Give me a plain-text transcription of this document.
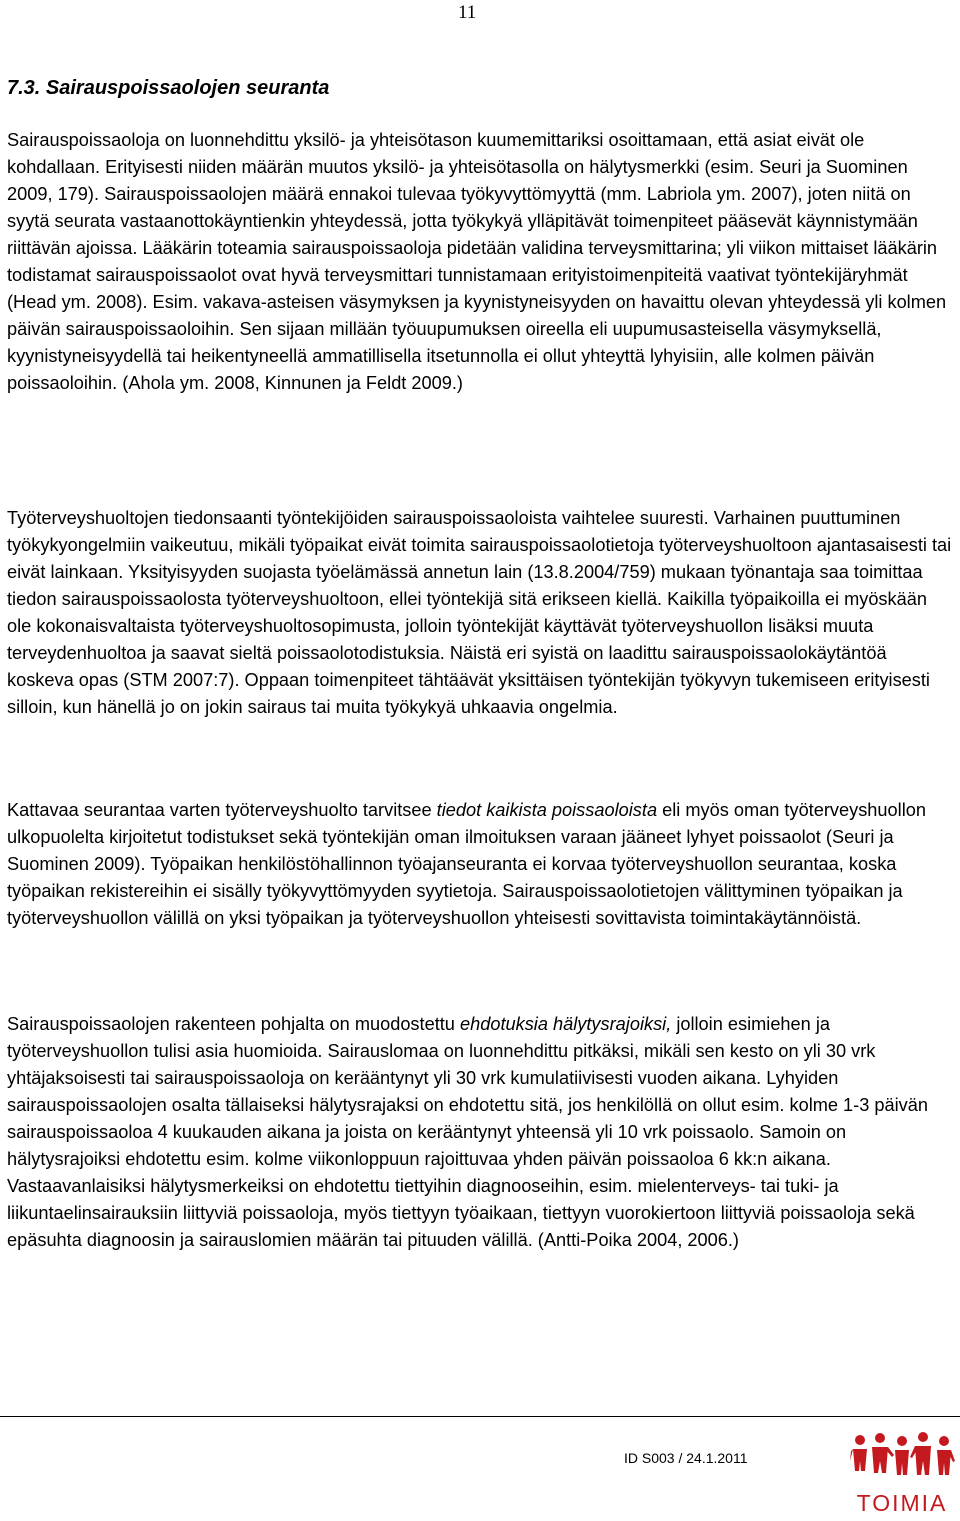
11
7.3. Sairauspoissaolojen seuranta

Sairauspoissaoloja on luonnehdittu yksilö- ja yhteisötason kuumemittariksi osoittamaan, että asiat eivät ole kohdallaan. Erityisesti niiden määrän muutos yksilö- ja yhteisötasolla on hälytysmerkki (esim. Seuri ja Suominen 2009, 179). Sairauspoissaolojen määrä ennakoi tulevaa työkyvyttömyyttä (mm. Labriola ym. 2007), joten niitä on syytä seurata vastaanottokäyntienkin yhteydessä, jotta työkykyä ylläpitävät toimenpiteet pääsevät käynnistymään riittävän ajoissa. Lääkärin toteamia sairauspoissaoloja pidetään validina terveysmittarina; yli viikon mittaiset lääkärin todistamat sairauspoissaolot ovat hyvä terveysmittari tunnistamaan erityistoimenpiteitä vaativat työntekijäryhmät (Head ym. 2008). Esim. vakava-asteisen väsymyksen ja kyynistyneisyyden on havaittu olevan yhteydessä yli kolmen päivän sairauspoissaoloihin. Sen sijaan millään työuupumuksen oireella eli uupumusasteisella väsymyksellä, kyynistyneisyydellä tai heikentyneellä ammatillisella itsetunnolla ei ollut yhteyttä lyhyisiin, alle kolmen päivän poissaoloihin. (Ahola ym. 2008, Kinnunen ja Feldt 2009.)

Työterveyshuoltojen tiedonsaanti työntekijöiden sairauspoissaoloista vaihtelee suuresti. Varhainen puuttuminen työkykyongelmiin vaikeutuu, mikäli työpaikat eivät toimita sairauspoissaolotietoja työterveyshuoltoon ajantasaisesti tai eivät lainkaan. Yksityisyyden suojasta työelämässä annetun lain (13.8.2004/759) mukaan työnantaja saa toimittaa tiedon sairauspoissaolosta työterveyshuoltoon, ellei työntekijä sitä erikseen kiellä. Kaikilla työpaikoilla ei myöskään ole kokonaisvaltaista työterveyshuoltosopimusta, jolloin työntekijät käyttävät työterveyshuollon lisäksi muuta terveydenhuoltoa ja saavat sieltä poissaolotodistuksia. Näistä eri syistä on laadittu sairauspoissaolokäytäntöä koskeva opas (STM 2007:7). Oppaan toimenpiteet tähtäävät yksittäisen työntekijän työkyvyn tukemiseen erityisesti silloin, kun hänellä jo on jokin sairaus tai muita työkykyä uhkaavia ongelmia.

Kattavaa seurantaa varten työterveyshuolto tarvitsee tiedot kaikista poissaoloista eli myös oman työterveyshuollon ulkopuolelta kirjoitetut todistukset sekä työntekijän oman ilmoituksen varaan jääneet lyhyet poissaolot (Seuri ja Suominen 2009). Työpaikan henkilöstöhallinnon työajanseuranta ei korvaa työterveyshuollon seurantaa, koska työpaikan rekistereihin ei sisälly työkyvyttömyyden syytietoja. Sairauspoissaolotietojen välittyminen työpaikan ja työterveyshuollon välillä on yksi työpaikan ja työterveyshuollon yhteisesti sovittavista toimintakäytännöistä.

Sairauspoissaolojen rakenteen pohjalta on muodostettu ehdotuksia hälytysrajoiksi, jolloin esimiehen ja työterveyshuollon tulisi asia huomioida. Sairauslomaa on luonnehdittu pitkäksi, mikäli sen kesto on yli 30 vrk yhtäjaksoisesti tai sairauspoissaoloja on kerääntynyt yli 30 vrk kumulatiivisesti vuoden aikana. Lyhyiden sairauspoissaolojen osalta tällaiseksi hälytysrajaksi on ehdotettu sitä, jos henkilöllä on ollut esim. kolme 1-3 päivän sairauspoissaoloa 4 kuukauden aikana ja joista on kerääntynyt yhteensä yli 10 vrk poissaolo. Samoin on hälytysrajoiksi ehdotettu esim. kolme viikonloppuun rajoittuvaa yhden päivän poissaoloa 6 kk:n aikana. Vastaavanlaisiksi hälytysmerkeiksi on ehdotettu tiettyihin diagnooseihin, esim. mielenterveys- tai tuki- ja liikuntaelinsairauksiin liittyviä poissaoloja, myös tiettyyn työaikaan, tiettyyn vuorokiertoon liittyviä poissaoloja sekä epäsuhta diagnoosin ja sairauslomien määrän tai pituuden välillä. (Antti-Poika 2004, 2006.)

ID S003 / 24.1.2011
TOIMIA
